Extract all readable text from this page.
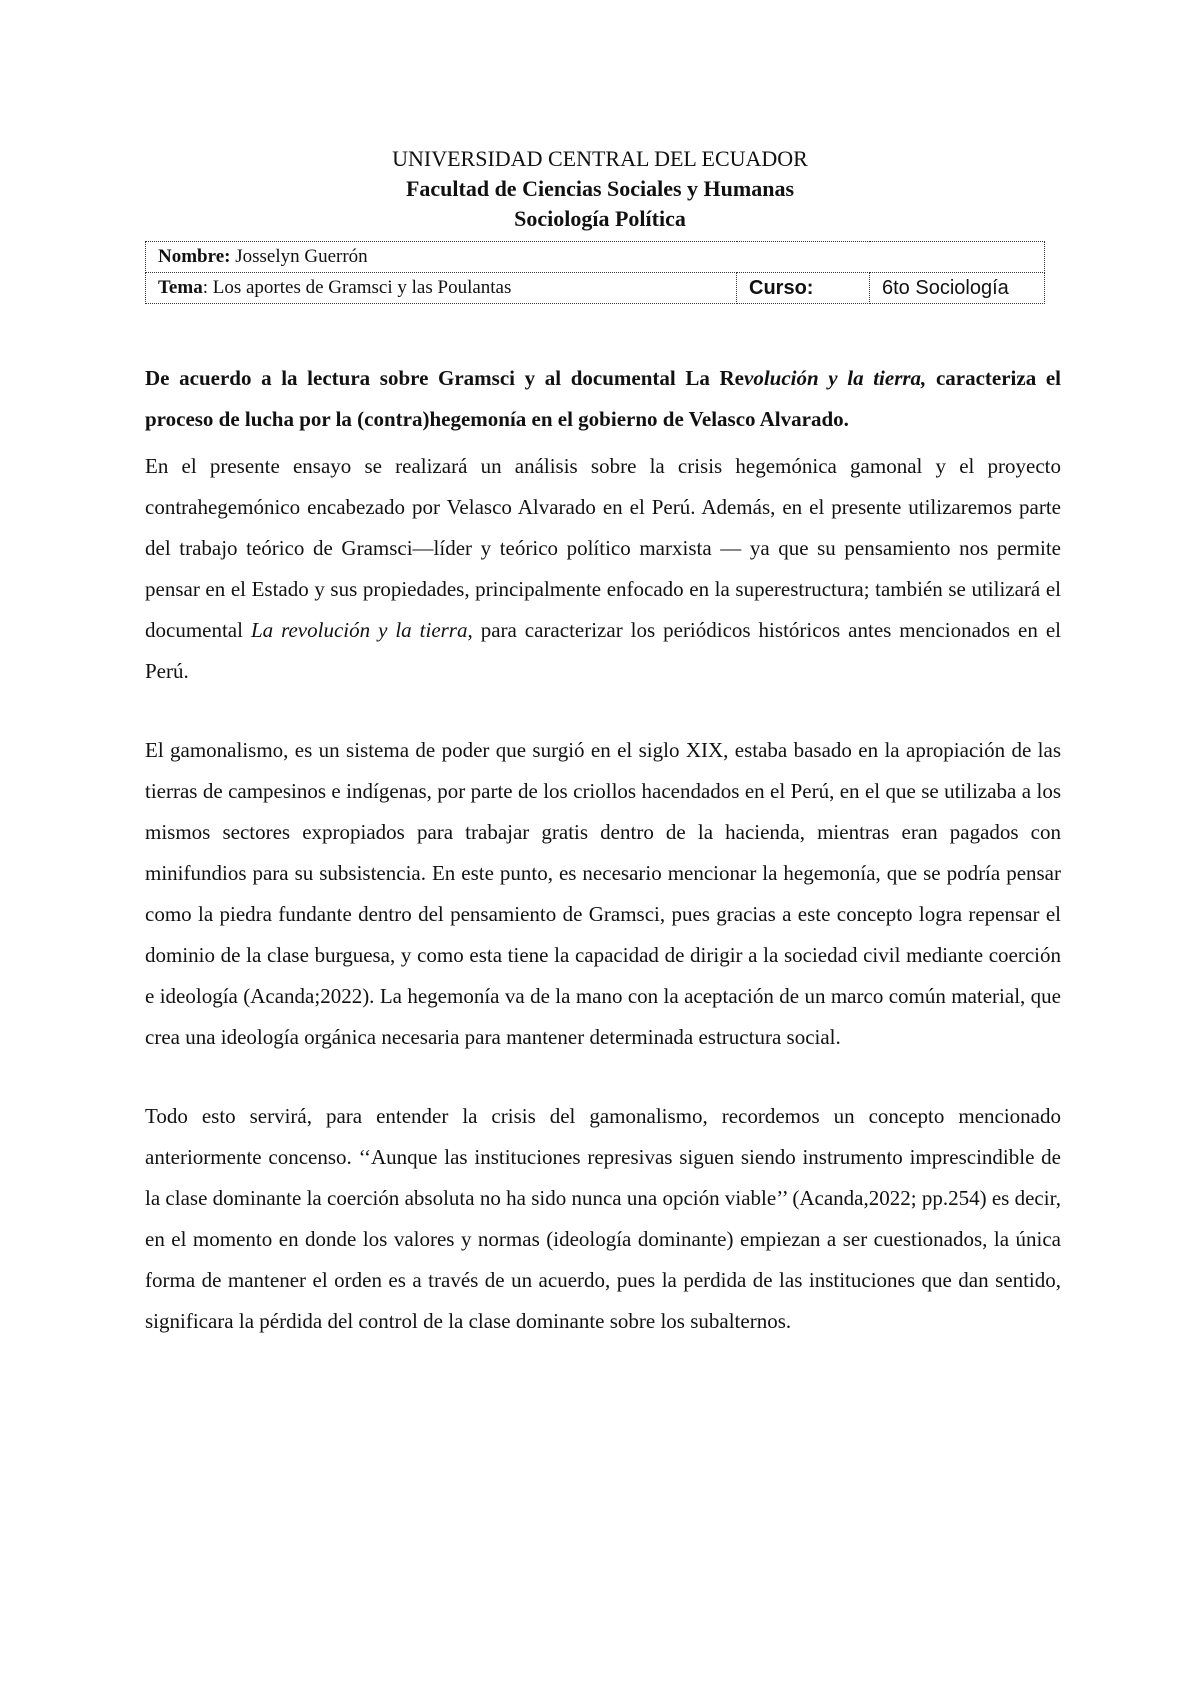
UNIVERSIDAD CENTRAL DEL ECUADOR
Facultad de Ciencias Sociales y Humanas
Sociología Política
Nombre: Josselyn Guerrón
Tema: Los aportes de Gramsci y las Poulantas	Curso:	6to Sociología

De acuerdo a la lectura sobre Gramsci y al documental La Revolución y la tierra, caracteriza el proceso de lucha por la (contra)hegemonía en el gobierno de Velasco Alvarado.

En el presente ensayo se realizará un análisis sobre la crisis hegemónica gamonal y el proyecto contrahegemónico encabezado por Velasco Alvarado en el Perú. Además, en el presente utilizaremos parte del trabajo teórico de Gramsci—líder y teórico político marxista — ya que su pensamiento nos permite pensar en el Estado y sus propiedades, principalmente enfocado en la superestructura; también se utilizará el documental La revolución y la tierra, para caracterizar los periódicos históricos antes mencionados en el Perú.

El gamonalismo, es un sistema de poder que surgió en el siglo XIX, estaba basado en la apropiación de las tierras de campesinos e indígenas, por parte de los criollos hacendados en el Perú, en el que se utilizaba a los mismos sectores expropiados para trabajar gratis dentro de la hacienda, mientras eran pagados con minifundios para su subsistencia. En este punto, es necesario mencionar la hegemonía, que se podría pensar como la piedra fundante dentro del pensamiento de Gramsci, pues gracias a este concepto logra repensar el dominio de la clase burguesa, y como esta tiene la capacidad de dirigir a la sociedad civil mediante coerción e ideología (Acanda;2022). La hegemonía va de la mano con la aceptación de un marco común material, que crea una ideología orgánica necesaria para mantener determinada estructura social.

Todo esto servirá, para entender la crisis del gamonalismo, recordemos un concepto mencionado anteriormente concenso. ‘‘Aunque las instituciones represivas siguen siendo instrumento imprescindible de la clase dominante la coerción absoluta no ha sido nunca una opción viable’’ (Acanda,2022; pp.254) es decir, en el momento en donde los valores y normas (ideología dominante) empiezan a ser cuestionados, la única forma de mantener el orden es a través de un acuerdo, pues la perdida de las instituciones que dan sentido, significara la pérdida del control de la clase dominante sobre los subalternos.
